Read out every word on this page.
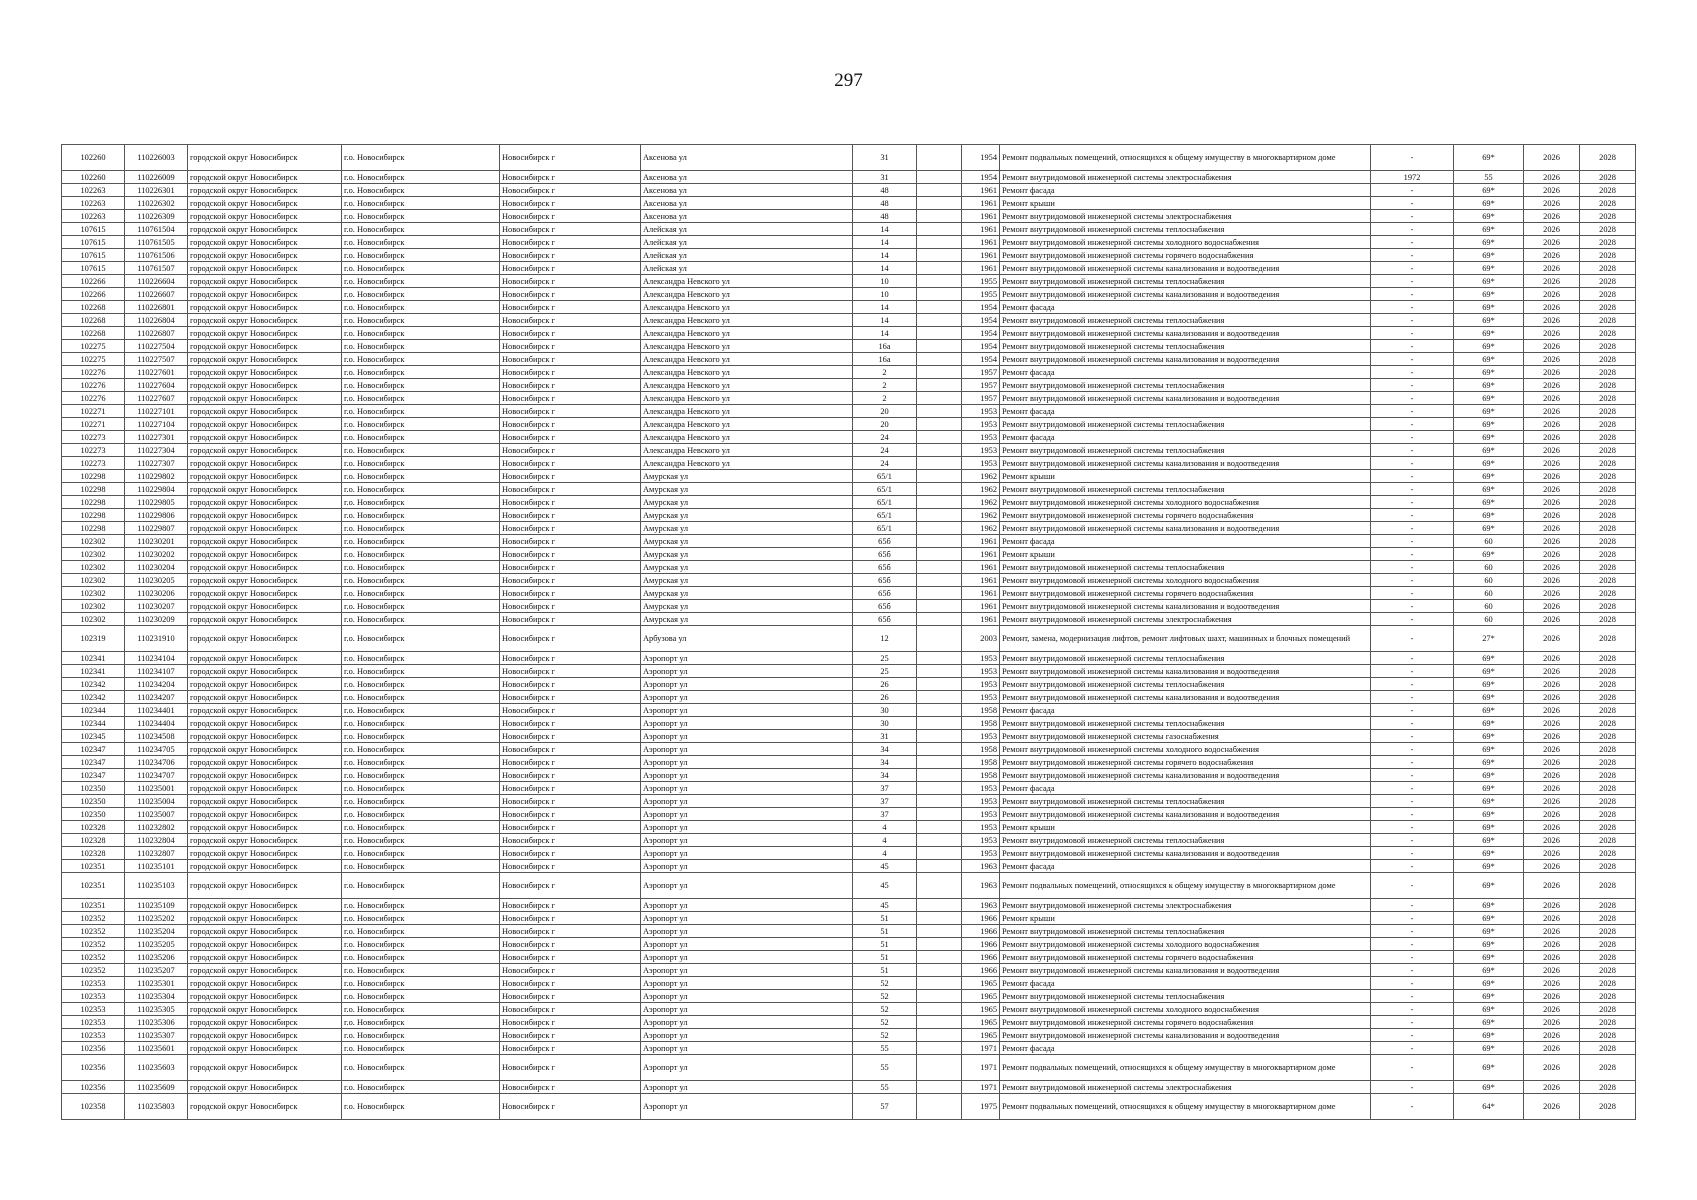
297
102260	110226003	городской округ Новосибирск	г.о. Новосибирск	Новосибирск г	Аксенова ул	31		1954	Ремонт подвальных помещений, относящихся к общему имуществу в многоквартирном доме	-	69*	2026	2028
102260	110226009	городской округ Новосибирск	г.о. Новосибирск	Новосибирск г	Аксенова ул	31		1954	Ремонт внутридомовой инженерной системы электроснабжения	1972	55	2026	2028
102263	110226301	городской округ Новосибирск	г.о. Новосибирск	Новосибирск г	Аксенова ул	48		1961	Ремонт фасада	-	69*	2026	2028
102263	110226302	городской округ Новосибирск	г.о. Новосибирск	Новосибирск г	Аксенова ул	48		1961	Ремонт крыши	-	69*	2026	2028
102263	110226309	городской округ Новосибирск	г.о. Новосибирск	Новосибирск г	Аксенова ул	48		1961	Ремонт внутридомовой инженерной системы электроснабжения	-	69*	2026	2028
107615	110761504	городской округ Новосибирск	г.о. Новосибирск	Новосибирск г	Алейская ул	14		1961	Ремонт внутридомовой инженерной системы теплоснабжения	-	69*	2026	2028
107615	110761505	городской округ Новосибирск	г.о. Новосибирск	Новосибирск г	Алейская ул	14		1961	Ремонт внутридомовой инженерной системы холодного водоснабжения	-	69*	2026	2028
107615	110761506	городской округ Новосибирск	г.о. Новосибирск	Новосибирск г	Алейская ул	14		1961	Ремонт внутридомовой инженерной системы горячего водоснабжения	-	69*	2026	2028
107615	110761507	городской округ Новосибирск	г.о. Новосибирск	Новосибирск г	Алейская ул	14		1961	Ремонт внутридомовой инженерной системы канализования и водоотведения	-	69*	2026	2028
102266	110226604	городской округ Новосибирск	г.о. Новосибирск	Новосибирск г	Александра Невского ул	10		1955	Ремонт внутридомовой инженерной системы теплоснабжения	-	69*	2026	2028
102266	110226607	городской округ Новосибирск	г.о. Новосибирск	Новосибирск г	Александра Невского ул	10		1955	Ремонт внутридомовой инженерной системы канализования и водоотведения	-	69*	2026	2028
102268	110226801	городской округ Новосибирск	г.о. Новосибирск	Новосибирск г	Александра Невского ул	14		1954	Ремонт фасада	-	69*	2026	2028
102268	110226804	городской округ Новосибирск	г.о. Новосибирск	Новосибирск г	Александра Невского ул	14		1954	Ремонт внутридомовой инженерной системы теплоснабжения	-	69*	2026	2028
102268	110226807	городской округ Новосибирск	г.о. Новосибирск	Новосибирск г	Александра Невского ул	14		1954	Ремонт внутридомовой инженерной системы канализования и водоотведения	-	69*	2026	2028
102275	110227504	городской округ Новосибирск	г.о. Новосибирск	Новосибирск г	Александра Невского ул	16а		1954	Ремонт внутридомовой инженерной системы теплоснабжения	-	69*	2026	2028
102275	110227507	городской округ Новосибирск	г.о. Новосибирск	Новосибирск г	Александра Невского ул	16а		1954	Ремонт внутридомовой инженерной системы канализования и водоотведения	-	69*	2026	2028
102276	110227601	городской округ Новосибирск	г.о. Новосибирск	Новосибирск г	Александра Невского ул	2		1957	Ремонт фасада	-	69*	2026	2028
102276	110227604	городской округ Новосибирск	г.о. Новосибирск	Новосибирск г	Александра Невского ул	2		1957	Ремонт внутридомовой инженерной системы теплоснабжения	-	69*	2026	2028
102276	110227607	городской округ Новосибирск	г.о. Новосибирск	Новосибирск г	Александра Невского ул	2		1957	Ремонт внутридомовой инженерной системы канализования и водоотведения	-	69*	2026	2028
102271	110227101	городской округ Новосибирск	г.о. Новосибирск	Новосибирск г	Александра Невского ул	20		1953	Ремонт фасада	-	69*	2026	2028
102271	110227104	городской округ Новосибирск	г.о. Новосибирск	Новосибирск г	Александра Невского ул	20		1953	Ремонт внутридомовой инженерной системы теплоснабжения	-	69*	2026	2028
102273	110227301	городской округ Новосибирск	г.о. Новосибирск	Новосибирск г	Александра Невского ул	24		1953	Ремонт фасада	-	69*	2026	2028
102273	110227304	городской округ Новосибирск	г.о. Новосибирск	Новосибирск г	Александра Невского ул	24		1953	Ремонт внутридомовой инженерной системы теплоснабжения	-	69*	2026	2028
102273	110227307	городской округ Новосибирск	г.о. Новосибирск	Новосибирск г	Александра Невского ул	24		1953	Ремонт внутридомовой инженерной системы канализования и водоотведения	-	69*	2026	2028
102298	110229802	городской округ Новосибирск	г.о. Новосибирск	Новосибирск г	Амурская ул	65/1		1962	Ремонт крыши	-	69*	2026	2028
102298	110229804	городской округ Новосибирск	г.о. Новосибирск	Новосибирск г	Амурская ул	65/1		1962	Ремонт внутридомовой инженерной системы теплоснабжения	-	69*	2026	2028
102298	110229805	городской округ Новосибирск	г.о. Новосибирск	Новосибирск г	Амурская ул	65/1		1962	Ремонт внутридомовой инженерной системы холодного водоснабжения	-	69*	2026	2028
102298	110229806	городской округ Новосибирск	г.о. Новосибирск	Новосибирск г	Амурская ул	65/1		1962	Ремонт внутридомовой инженерной системы горячего водоснабжения	-	69*	2026	2028
102298	110229807	городской округ Новосибирск	г.о. Новосибирск	Новосибирск г	Амурская ул	65/1		1962	Ремонт внутридомовой инженерной системы канализования и водоотведения	-	69*	2026	2028
102302	110230201	городской округ Новосибирск	г.о. Новосибирск	Новосибирск г	Амурская ул	65б		1961	Ремонт фасада	-	60	2026	2028
102302	110230202	городской округ Новосибирск	г.о. Новосибирск	Новосибирск г	Амурская ул	65б		1961	Ремонт крыши	-	69*	2026	2028
102302	110230204	городской округ Новосибирск	г.о. Новосибирск	Новосибирск г	Амурская ул	65б		1961	Ремонт внутридомовой инженерной системы теплоснабжения	-	60	2026	2028
102302	110230205	городской округ Новосибирск	г.о. Новосибирск	Новосибирск г	Амурская ул	65б		1961	Ремонт внутридомовой инженерной системы холодного водоснабжения	-	60	2026	2028
102302	110230206	городской округ Новосибирск	г.о. Новосибирск	Новосибирск г	Амурская ул	65б		1961	Ремонт внутридомовой инженерной системы горячего водоснабжения	-	60	2026	2028
102302	110230207	городской округ Новосибирск	г.о. Новосибирск	Новосибирск г	Амурская ул	65б		1961	Ремонт внутридомовой инженерной системы канализования и водоотведения	-	60	2026	2028
102302	110230209	городской округ Новосибирск	г.о. Новосибирск	Новосибирск г	Амурская ул	65б		1961	Ремонт внутридомовой инженерной системы электроснабжения	-	60	2026	2028
102319	110231910	городской округ Новосибирск	г.о. Новосибирск	Новосибирск г	Арбузова ул	12		2003	Ремонт, замена, модернизация лифтов, ремонт лифтовых шахт, машинных и блочных помещений	-	27*	2026	2028
102341	110234104	городской округ Новосибирск	г.о. Новосибирск	Новосибирск г	Аэропорт ул	25		1953	Ремонт внутридомовой инженерной системы теплоснабжения	-	69*	2026	2028
102341	110234107	городской округ Новосибирск	г.о. Новосибирск	Новосибирск г	Аэропорт ул	25		1953	Ремонт внутридомовой инженерной системы канализования и водоотведения	-	69*	2026	2028
102342	110234204	городской округ Новосибирск	г.о. Новосибирск	Новосибирск г	Аэропорт ул	26		1953	Ремонт внутридомовой инженерной системы теплоснабжения	-	69*	2026	2028
102342	110234207	городской округ Новосибирск	г.о. Новосибирск	Новосибирск г	Аэропорт ул	26		1953	Ремонт внутридомовой инженерной системы канализования и водоотведения	-	69*	2026	2028
102344	110234401	городской округ Новосибирск	г.о. Новосибирск	Новосибирск г	Аэропорт ул	30		1958	Ремонт фасада	-	69*	2026	2028
102344	110234404	городской округ Новосибирск	г.о. Новосибирск	Новосибирск г	Аэропорт ул	30		1958	Ремонт внутридомовой инженерной системы теплоснабжения	-	69*	2026	2028
102345	110234508	городской округ Новосибирск	г.о. Новосибирск	Новосибирск г	Аэропорт ул	31		1953	Ремонт внутридомовой инженерной системы газоснабжения	-	69*	2026	2028
102347	110234705	городской округ Новосибирск	г.о. Новосибирск	Новосибирск г	Аэропорт ул	34		1958	Ремонт внутридомовой инженерной системы холодного водоснабжения	-	69*	2026	2028
102347	110234706	городской округ Новосибирск	г.о. Новосибирск	Новосибирск г	Аэропорт ул	34		1958	Ремонт внутридомовой инженерной системы горячего водоснабжения	-	69*	2026	2028
102347	110234707	городской округ Новосибирск	г.о. Новосибирск	Новосибирск г	Аэропорт ул	34		1958	Ремонт внутридомовой инженерной системы канализования и водоотведения	-	69*	2026	2028
102350	110235001	городской округ Новосибирск	г.о. Новосибирск	Новосибирск г	Аэропорт ул	37		1953	Ремонт фасада	-	69*	2026	2028
102350	110235004	городской округ Новосибирск	г.о. Новосибирск	Новосибирск г	Аэропорт ул	37		1953	Ремонт внутридомовой инженерной системы теплоснабжения	-	69*	2026	2028
102350	110235007	городской округ Новосибирск	г.о. Новосибирск	Новосибирск г	Аэропорт ул	37		1953	Ремонт внутридомовой инженерной системы канализования и водоотведения	-	69*	2026	2028
102328	110232802	городской округ Новосибирск	г.о. Новосибирск	Новосибирск г	Аэропорт ул	4		1953	Ремонт крыши	-	69*	2026	2028
102328	110232804	городской округ Новосибирск	г.о. Новосибирск	Новосибирск г	Аэропорт ул	4		1953	Ремонт внутридомовой инженерной системы теплоснабжения	-	69*	2026	2028
102328	110232807	городской округ Новосибирск	г.о. Новосибирск	Новосибирск г	Аэропорт ул	4		1953	Ремонт внутридомовой инженерной системы канализования и водоотведения	-	69*	2026	2028
102351	110235101	городской округ Новосибирск	г.о. Новосибирск	Новосибирск г	Аэропорт ул	45		1963	Ремонт фасада	-	69*	2026	2028
102351	110235103	городской округ Новосибирск	г.о. Новосибирск	Новосибирск г	Аэропорт ул	45		1963	Ремонт подвальных помещений, относящихся к общему имуществу в многоквартирном доме	-	69*	2026	2028
102351	110235109	городской округ Новосибирск	г.о. Новосибирск	Новосибирск г	Аэропорт ул	45		1963	Ремонт внутридомовой инженерной системы электроснабжения	-	69*	2026	2028
102352	110235202	городской округ Новосибирск	г.о. Новосибирск	Новосибирск г	Аэропорт ул	51		1966	Ремонт крыши	-	69*	2026	2028
102352	110235204	городской округ Новосибирск	г.о. Новосибирск	Новосибирск г	Аэропорт ул	51		1966	Ремонт внутридомовой инженерной системы теплоснабжения	-	69*	2026	2028
102352	110235205	городской округ Новосибирск	г.о. Новосибирск	Новосибирск г	Аэропорт ул	51		1966	Ремонт внутридомовой инженерной системы холодного водоснабжения	-	69*	2026	2028
102352	110235206	городской округ Новосибирск	г.о. Новосибирск	Новосибирск г	Аэропорт ул	51		1966	Ремонт внутридомовой инженерной системы горячего водоснабжения	-	69*	2026	2028
102352	110235207	городской округ Новосибирск	г.о. Новосибирск	Новосибирск г	Аэропорт ул	51		1966	Ремонт внутридомовой инженерной системы канализования и водоотведения	-	69*	2026	2028
102353	110235301	городской округ Новосибирск	г.о. Новосибирск	Новосибирск г	Аэропорт ул	52		1965	Ремонт фасада	-	69*	2026	2028
102353	110235304	городской округ Новосибирск	г.о. Новосибирск	Новосибирск г	Аэропорт ул	52		1965	Ремонт внутридомовой инженерной системы теплоснабжения	-	69*	2026	2028
102353	110235305	городской округ Новосибирск	г.о. Новосибирск	Новосибирск г	Аэропорт ул	52		1965	Ремонт внутридомовой инженерной системы холодного водоснабжения	-	69*	2026	2028
102353	110235306	городской округ Новосибирск	г.о. Новосибирск	Новосибирск г	Аэропорт ул	52		1965	Ремонт внутридомовой инженерной системы горячего водоснабжения	-	69*	2026	2028
102353	110235307	городской округ Новосибирск	г.о. Новосибирск	Новосибирск г	Аэропорт ул	52		1965	Ремонт внутридомовой инженерной системы канализования и водоотведения	-	69*	2026	2028
102356	110235601	городской округ Новосибирск	г.о. Новосибирск	Новосибирск г	Аэропорт ул	55		1971	Ремонт фасада	-	69*	2026	2028
102356	110235603	городской округ Новосибирск	г.о. Новосибирск	Новосибирск г	Аэропорт ул	55		1971	Ремонт подвальных помещений, относящихся к общему имуществу в многоквартирном доме	-	69*	2026	2028
102356	110235609	городской округ Новосибирск	г.о. Новосибирск	Новосибирск г	Аэропорт ул	55		1971	Ремонт внутридомовой инженерной системы электроснабжения	-	69*	2026	2028
102358	110235803	городской округ Новосибирск	г.о. Новосибирск	Новосибирск г	Аэропорт ул	57		1975	Ремонт подвальных помещений, относящихся к общему имуществу в многоквартирном доме	-	64*	2026	2028
